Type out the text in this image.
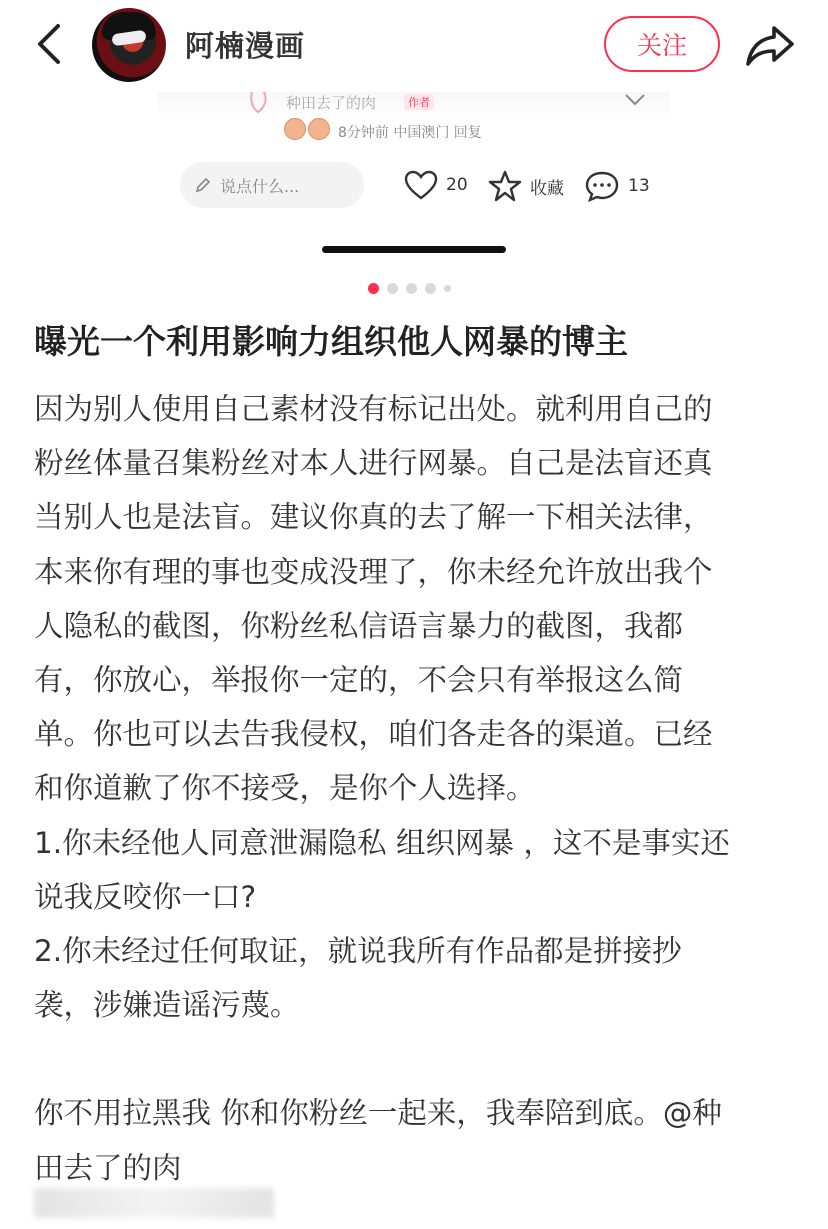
阿楠漫画	关注
种田去了的肉	作者
8分钟前 中国澳门 回复
说点什么...	20	收藏	13
曝光一个利用影响力组织他人网暴的博主

因为别人使用自己素材没有标记出处。就利用自己的

粉丝体量召集粉丝对本人进行网暴。自己是法盲还真

当别人也是法盲。建议你真的去了解一下相关法律，

本来你有理的事也变成没理了，你未经允许放出我个

人隐私的截图，你粉丝私信语言暴力的截图，我都

有，你放心，举报你一定的，不会只有举报这么简

单。你也可以去告我侵权，咱们各走各的渠道。已经

和你道歉了你不接受，是你个人选择。

1.你未经他人同意泄漏隐私 组织网暴 ，这不是事实还

说我反咬你一口?

2.你未经过任何取证，就说我所有作品都是拼接抄

袭，涉嫌造谣污蔑。

你不用拉黑我 你和你粉丝一起来，我奉陪到底。@种

田去了的肉
